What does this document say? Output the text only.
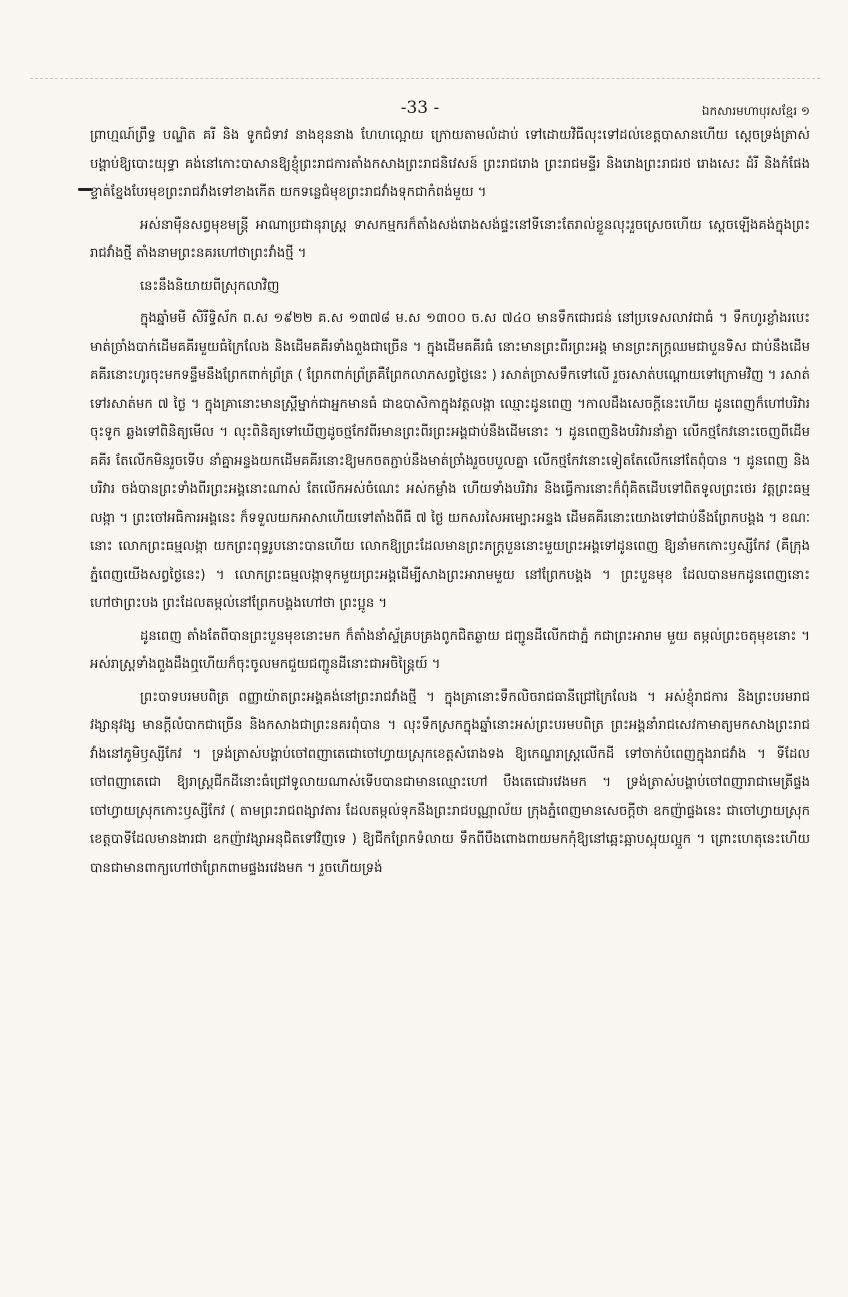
-33 -	ឯកសារមហាបុរសខ្មែរ ១

ព្រាហ្មណ៍ព្រឹទ្ធ បណ្ឌិត គរី និង ទូកជំទាវ នាងខុននាង ហែហល្អោយ ក្រោយតាមលំដាប់ ទៅដោយវិធីលុះទៅដល់ខេត្តបាសានហើយ ស្តេចទ្រង់ត្រាស់បង្គាប់ឱ្យបោះយុទ្ធា គង់នៅកោះបាសានឱ្យខ្ញុំព្រះរាជការតាំងកសាងព្រះរាជនិវេសន៍ ព្រះរាជរោង ព្រះរាជមន្ទីរ និងរោងព្រះរាជរថ រោងសេះ ដំរី និងកំផែងខ្ទាត់ខ្នែងបែរមុខព្រះរាជវាំងទៅខាងកើត យកទន្លេជំមុខព្រះរាជវាំងទុកជាកំពង់មួយ ។

អស់នាម៉ឺនសព្វមុខមន្ត្រី អាណាប្រជានុរាស្ត្រ ទាសកម្មករក៏តាំងសង់រោងសង់ផ្ទះនៅទីនោះតែរាល់ខ្លួនលុះរួចស្រេចហើយ ស្តេចឡើងគង់ក្នុងព្រះរាជវាំងថ្មី តាំងនាមព្រះនគរហៅថាព្រះវាំងថ្មី ។

នេះនឹងនិយាយពីស្រុកលាវិញ

ក្នុងឆ្នាំមមី សិរីទ្ធិស័ក ព.ស ១៩២២ គ.ស ១៣៧៨ ម.ស ១៣០០ ច.ស ៧៤០ មានទឹកជោរជន់ នៅប្រទេសលាវជាធំ ។ ទឹកហូរខ្លាំងរបេះមាត់ច្រាំងបាក់ដើមគគីរមួយធំក្រៃលែង និងដើមគគីរទាំងពួងជាច្រើន ។ ក្នុងដើមគគីរធំ នោះមានព្រះពីរព្រះអង្គ មានព្រះភក្រ្តឈមជាបួនទិស ជាប់នឹងដើមគគីរនោះហូរចុះមកទន្ទឹមនឹងព្រែកពាក់ព្រ័ត្រ ( ព្រែកពាក់ព្រ័ត្រគឺព្រែកលាភសព្វថ្ងៃនេះ ) រសាត់ច្រាសទឹកទៅលើ រួចរសាត់បណ្តោយទៅក្រោមវិញ ។ រសាត់ទៅរសាត់មក ៧ ថ្ងៃ ។ ក្នុងគ្រានោះមានស្ត្រីម្នាក់ជាអ្នកមានធំ ជាឧបាសិកាក្នុងវត្តលង្កា ឈ្មោះដូនពេញ ។កាលដឹងសេចក្តីនេះហើយ ដូនពេញក៏ហៅបរិវារចុះទូក ឆ្លងទៅពិនិត្យមើល ។ លុះពិនិត្យទៅឃើញដូចថ្មកែវពីរមានព្រះពីរព្រះអង្គជាប់នឹងដើមនោះ ។ ដូនពេញនិងបរិវារនាំគ្នា លើកថ្មកែវនោះចេញពីដើមគគីរ តែលើកមិនរួចទើប នាំគ្នាអន្ទងយកដើមគគីរនោះឱ្យមកចតភ្ជាប់នឹងមាត់ច្រាំងរួចបបួលគ្នា លើកថ្មកែវនោះទៀតតែលើកនៅតែពុំបាន ។ ដូនពេញ និង បរិវារ ចង់បានព្រះទាំងពីរព្រះអង្គនោះណាស់ តែលើកអស់ចំណេះ អស់កម្លាំង ហើយទាំងបរិវារ និងធ្វើការនោះក៏ពុំគិតដើបទៅពិតទូលព្រះថេរ វត្តព្រះធម្មលង្កា ។ ព្រះចៅអធិការអង្គនេះ ក៏ទទួលយកអាសាហើយទៅតាំងពីធី ៧ ថ្ងៃ យកសរសៃអម្បោះអន្ទង ដើមគគីរនោះយោងទៅជាប់នឹងព្រែកបង្គង ។ ខណៈនោះ លោកព្រះធម្មលង្កា យកព្រះពុទ្ធរូបនោះបានហើយ លោកឱ្យព្រះដែលមានព្រះភក្រ្តបួននោះមួយព្រះអង្គទៅដូនពេញ ឱ្យនាំមកកោះឫស្សីកែវ (គឺក្រុងភ្នំពេញយើងសព្វថ្ងៃនេះ) ។ លោកព្រះធម្មលង្កាទុកមួយព្រះអង្គដើម្បីសាងព្រះអារាមមួយ នៅព្រែកបង្គង ។ ព្រះបួនមុខ ដែលបានមកដូនពេញនោះ ហៅថាព្រះបង ព្រះដែលតម្កល់នៅព្រែកបង្គងហៅថា ព្រះប្អូន ។

ដូនពេញ តាំងតែពីបានព្រះបួនមុខនោះមក ក៏តាំងនាំស្ទ័គ្របគ្រងពូកជិតឆ្ងាយ ជញ្ជូនដីលើកជាភ្នំ កជាព្រះអារាម មួយ តម្កល់ព្រះចតុមុខនោះ ។ អស់រាស្ត្រទាំងពួងដឹងឮហើយក៏ចុះចូលមកជួយជញ្ជូនដីនោះជាអចិន្ត្រៃយ៍ ។

ព្រះបាទបរមបពិត្រ ពញ្ញាយ៉ាតព្រះអង្គគង់នៅព្រះរាជវាំងថ្មី ។ ក្នុងគ្រានោះទឹកលិចរាជធានីជ្រៅក្រៃលែង ។ អស់ខ្ញុំរាជការ និងព្រះបរមរាជវង្សានុវង្ស មានក្តីលំបាកជាច្រើន និងកសាងជាព្រះនគរពុំបាន ។ លុះទឹកស្រកក្នុងឆ្នាំនោះអស់ព្រះបរមបពិត្រ ព្រះអង្គនាំរាជសេវកាមាត្យមកសាងព្រះរាជវាំងនៅភូមិឫស្សីកែវ ។ ទ្រង់ត្រាស់បង្គាប់ចៅពញាតេជោចៅហ្វាយស្រុកខេត្តសំរោងទង ឱ្យកេណ្ឌរាស្ត្រលើកដី ទៅចាក់បំពេញក្នុងរាជវាំង ។ ទីដែលចៅពញាតេជោ ឱ្យរាស្ត្រជីកដីនោះធំជ្រៅទូលាយណាស់ទើបបានជាមានឈ្មោះហៅ បឹងតេជោរវេងមក ។ ទ្រង់ត្រាស់បង្គាប់ចៅពញារាជាមេត្រីផ្ទង ចៅហ្វាយស្រុកកោះឫស្សីកែវ ( តាមព្រះរាជពង្សាវតារ ដែលតម្កល់ទុកនឹងព្រះរាជបណ្ណាល័យ ក្រុងភ្នំពេញមានសេចក្តីថា ឧកញ៉ាផ្ទងនេះ ជាចៅហ្វាយស្រុកខេត្តបាទីដែលមានងារជា ឧកញ៉ាវង្សាអនុជិតទៅវិញទេ ) ឱ្យជីកព្រែកទំលាយ ទឹកពីបឹងពោងពាយមកកុំឱ្យនៅឆ្អេះឆ្អាបស្អុយល្អួក ។ ព្រោះហេតុនេះហើយបានជាមានពាក្យហៅថាព្រែកពាមផ្ទងរវេងមក ។ រួចហើយទ្រង់
